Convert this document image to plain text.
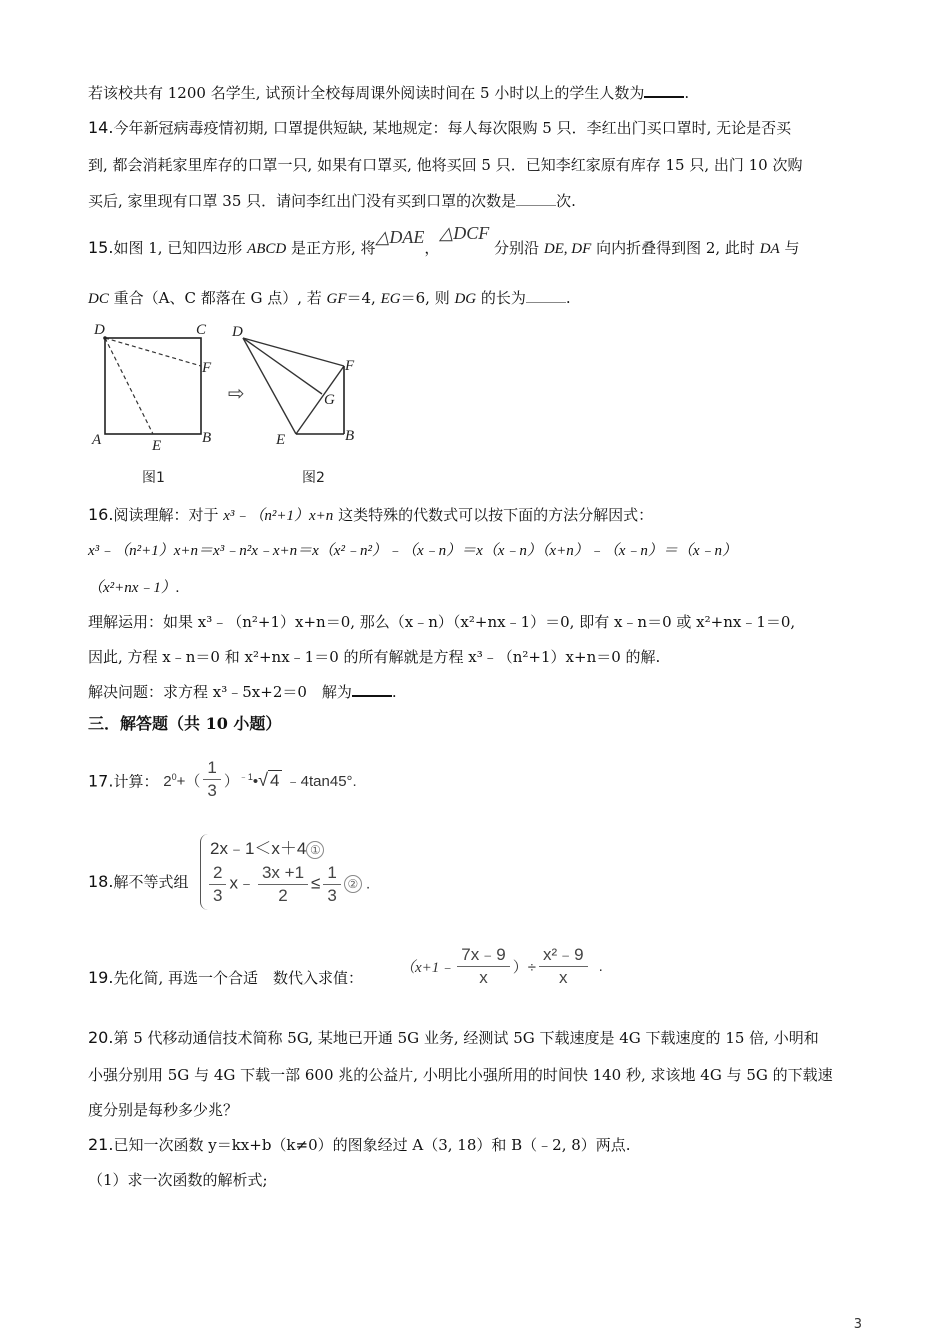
若该校共有 1200 名学生, 试预计全校每周课外阅读时间在 5 小时以上的学生人数为	.
14.今年新冠病毒疫情初期, 口罩提供短缺, 某地规定：每人每次限购 5 只．李红出门买口罩时, 无论是否买
到, 都会消耗家里库存的口罩一只, 如果有口罩买, 他将买回 5 只．已知李红家原有库存 15 只, 出门 10 次购
买后, 家里现有口罩 35 只．请问李红出门没有买到口罩的次数是	次.
15.如图 1, 已知四边形 ABCD 是正方形, 将△DAE，△DCF 分别沿 DE, DF 向内折叠得到图 2, 此时 DA 与
DC 重合（A、C 都落在 G 点）, 若 GF＝4, EG＝6, 则 DG 的长为	.
D	C
F
A	E	B
图1
⇨
D
F
G
E	B
图2
16.阅读理解：对于 x³﹣（n²+1）x+n 这类特殊的代数式可以按下面的方法分解因式：
x³﹣（n²+1）x+n＝x³﹣n²x﹣x+n＝x（x²﹣n²）﹣（x﹣n）＝x（x﹣n）（x+n）﹣（x﹣n）＝（x﹣n）
（x²+nx﹣1）.
理解运用：如果 x³﹣（n²+1）x+n＝0, 那么（x﹣n）（x²+nx﹣1）＝0, 即有 x﹣n＝0 或 x²+nx﹣1＝0,
因此, 方程 x﹣n＝0 和 x²+nx﹣1＝0 的所有解就是方程 x³﹣（n²+1）x+n＝0 的解.
解决问题：求方程 x³﹣5x+2＝0　解为	.
三．解答题（共 10 小题）
17.计算： $2^0+( \frac{1}{3}$ ）$^{﹣1}•√$ 4 ﹣4tan45°.
18.解不等式组
2x﹣1＜x＋4 ①
$\frac{2}{3}$ x﹣ $\frac{3x +1}{2} \le \frac{1}{3}$ ② .
19.先化简, 再选一个合适　数代入求值：
（x+1﹣ $\frac{7x﹣9}{x}$ ）÷ $\frac{\text{x²﹣9}}{x}$ .
20.第 5 代移动通信技术简称 5G, 某地已开通 5G 业务, 经测试 5G 下载速度是 4G 下载速度的 15 倍, 小明和
小强分别用 5G 与 4G 下载一部 600 兆的公益片, 小明比小强所用的时间快 140 秒, 求该地 4G 与 5G 的下载速
度分别是每秒多少兆？
21.已知一次函数 y＝kx+b（k≠0）的图象经过 A（3, 18）和 B（﹣2, 8）两点.
（1）求一次函数的解析式;
3
